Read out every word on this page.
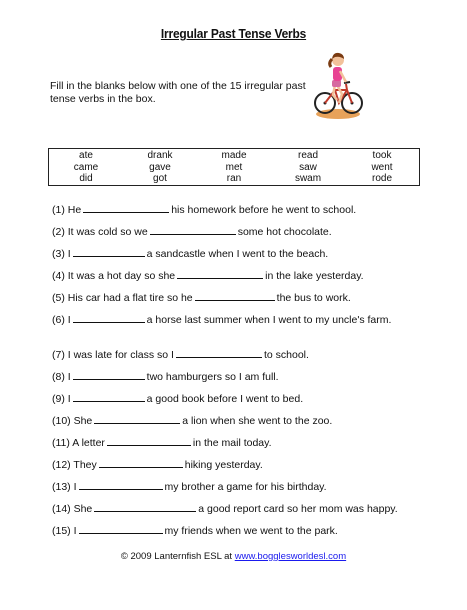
Irregular Past Tense Verbs
Fill in the blanks below with one of the 15 irregular past tense verbs in the box.
ate	drank	made	read	took
came	gave	met	saw	went
did	got	ran	swam	rode
(1) He	his homework before he went to school.
(2) It was cold so we	some hot chocolate.
(3) I	a sandcastle when I went to the beach.
(4) It was a hot day so she	in the lake yesterday.
(5) His car had a flat tire so he	the bus to work.
(6) I	a horse last summer when I went to my uncle's farm.
(7) I was late for class so I	to school.
(8) I	two hamburgers so I am full.
(9) I	a good book before I went to bed.
(10) She	a lion when she went to the zoo.
(11) A letter	in the mail today.
(12) They	hiking yesterday.
(13) I	my brother a game for his birthday.
(14) She	a good report card so her mom was happy.
(15) I	my friends when we went to the park.
© 2009 Lanternfish ESL at www.bogglesworldesl.com
